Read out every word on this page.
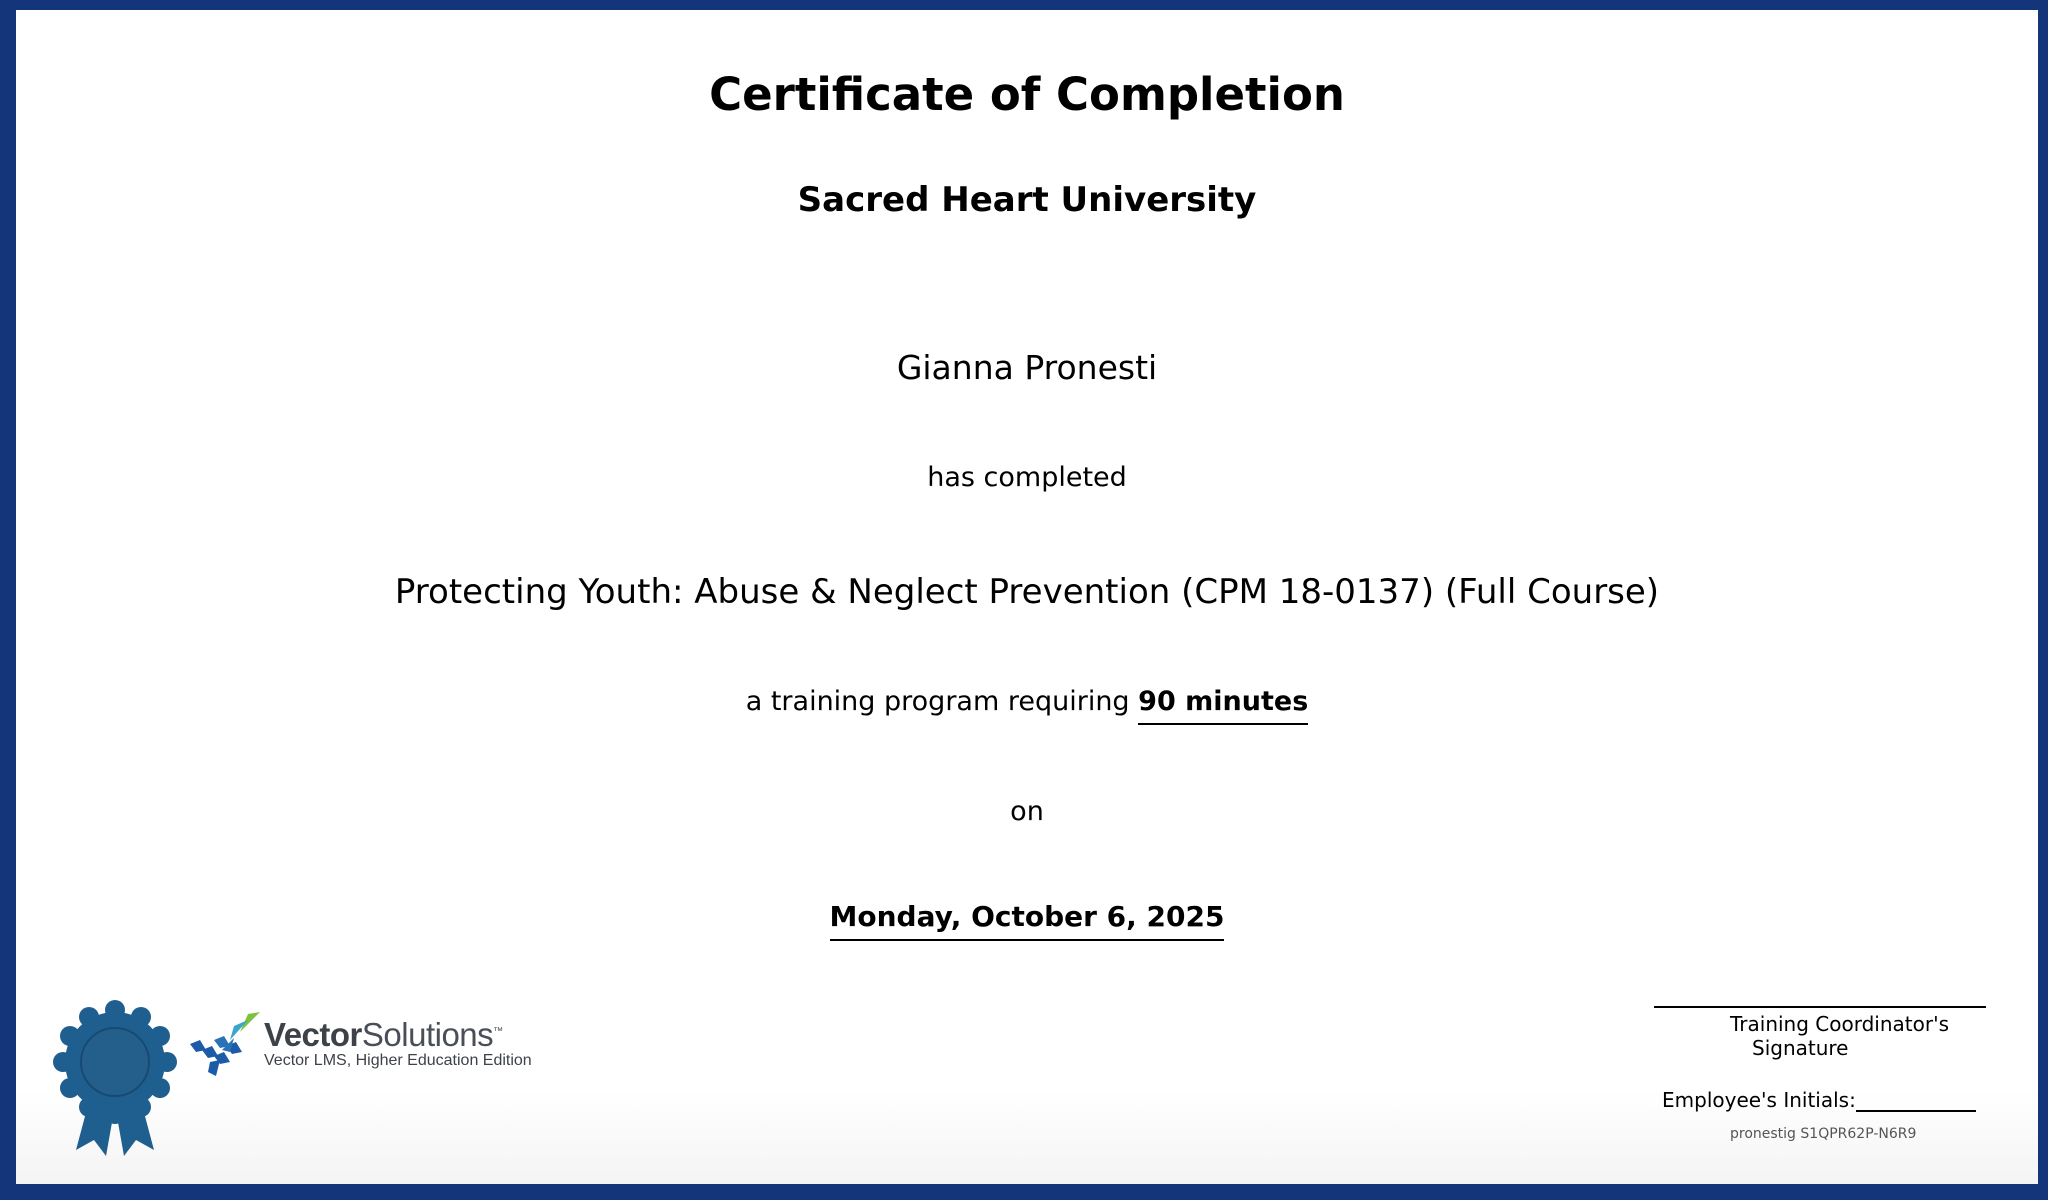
Certificate of Completion
Sacred Heart University
Gianna Pronesti
has completed
Protecting Youth: Abuse & Neglect Prevention (CPM 18-0137) (Full Course)
a training program requiring 90 minutes
on
Monday, October 6, 2025
VectorSolutions™
Vector LMS, Higher Education Edition
Training Coordinator's
Signature
Employee's Initials:
pronestig S1QPR62P-N6R9
